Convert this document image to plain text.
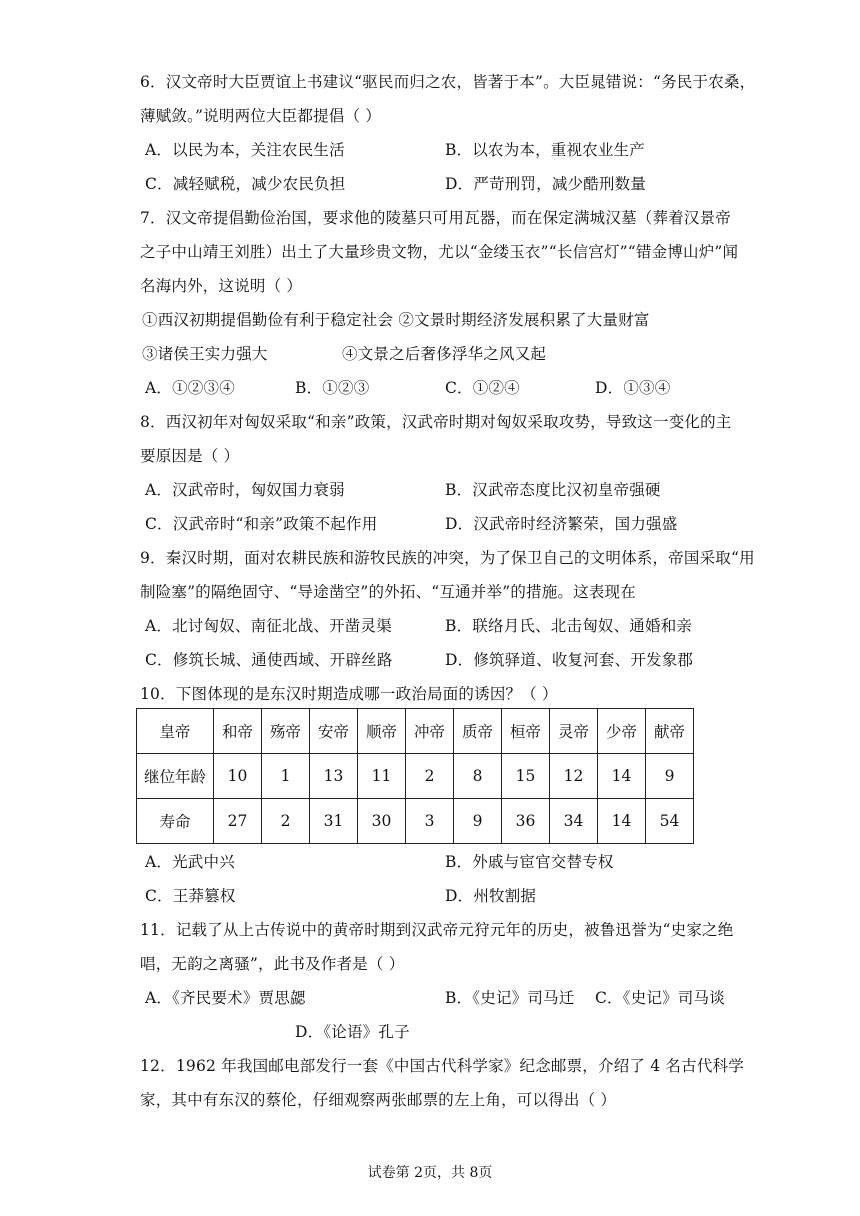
6．汉文帝时大臣贾谊上书建议“驱民而归之农，皆著于本”。大臣晁错说：“务民于农桑，
薄赋敛。”说明两位大臣都提倡（ ）
A．以民为本，关注农民生活	B．以农为本，重视农业生产
C．减轻赋税，减少农民负担	D．严苛刑罚，减少酷刑数量
7．汉文帝提倡勤俭治国，要求他的陵墓只可用瓦器，而在保定满城汉墓（葬着汉景帝
之子中山靖王刘胜）出土了大量珍贵文物，尤以“金缕玉衣”“长信宫灯”“错金博山炉”闻
名海内外，这说明（ ）
①西汉初期提倡勤俭有利于稳定社会 ②文景时期经济发展积累了大量财富
③诸侯王实力强大	④文景之后奢侈浮华之风又起
A．①②③④	B．①②③	C．①②④	D．①③④
8．西汉初年对匈奴采取“和亲”政策，汉武帝时期对匈奴采取攻势，导致这一变化的主
要原因是（ ）
A．汉武帝时，匈奴国力衰弱	B．汉武帝态度比汉初皇帝强硬
C．汉武帝时“和亲”政策不起作用	D．汉武帝时经济繁荣，国力强盛
9．秦汉时期，面对农耕民族和游牧民族的冲突，为了保卫自己的文明体系，帝国采取“用
制险塞”的隔绝固守、“导途凿空”的外拓、“互通并举”的措施。这表现在
A．北讨匈奴、南征北战、开凿灵渠	B．联络月氏、北击匈奴、通婚和亲
C．修筑长城、通使西域、开辟丝路	D．修筑驿道、收复河套、开发象郡
10．下图体现的是东汉时期造成哪一政治局面的诱因？（ ）
皇帝	和帝	殇帝	安帝	顺帝	冲帝	质帝	桓帝	灵帝	少帝	献帝
继位年龄	10	1	13	11	2	8	15	12	14	9
寿命	27	2	31	30	3	9	36	34	14	54
A．光武中兴	B．外戚与宦官交替专权
C．王莽篡权	D．州牧割据
11．记载了从上古传说中的黄帝时期到汉武帝元狩元年的历史，被鲁迅誉为“史家之绝
唱，无韵之离骚”，此书及作者是（ ）
A．《齐民要术》贾思勰	B．《史记》司马迁 C．《史记》司马谈
D．《论语》孔子
12．1962 年我国邮电部发行一套《中国古代科学家》纪念邮票，介绍了 4 名古代科学
家，其中有东汉的蔡伦，仔细观察两张邮票的左上角，可以得出（ ）
试卷第 2页，共 8页
